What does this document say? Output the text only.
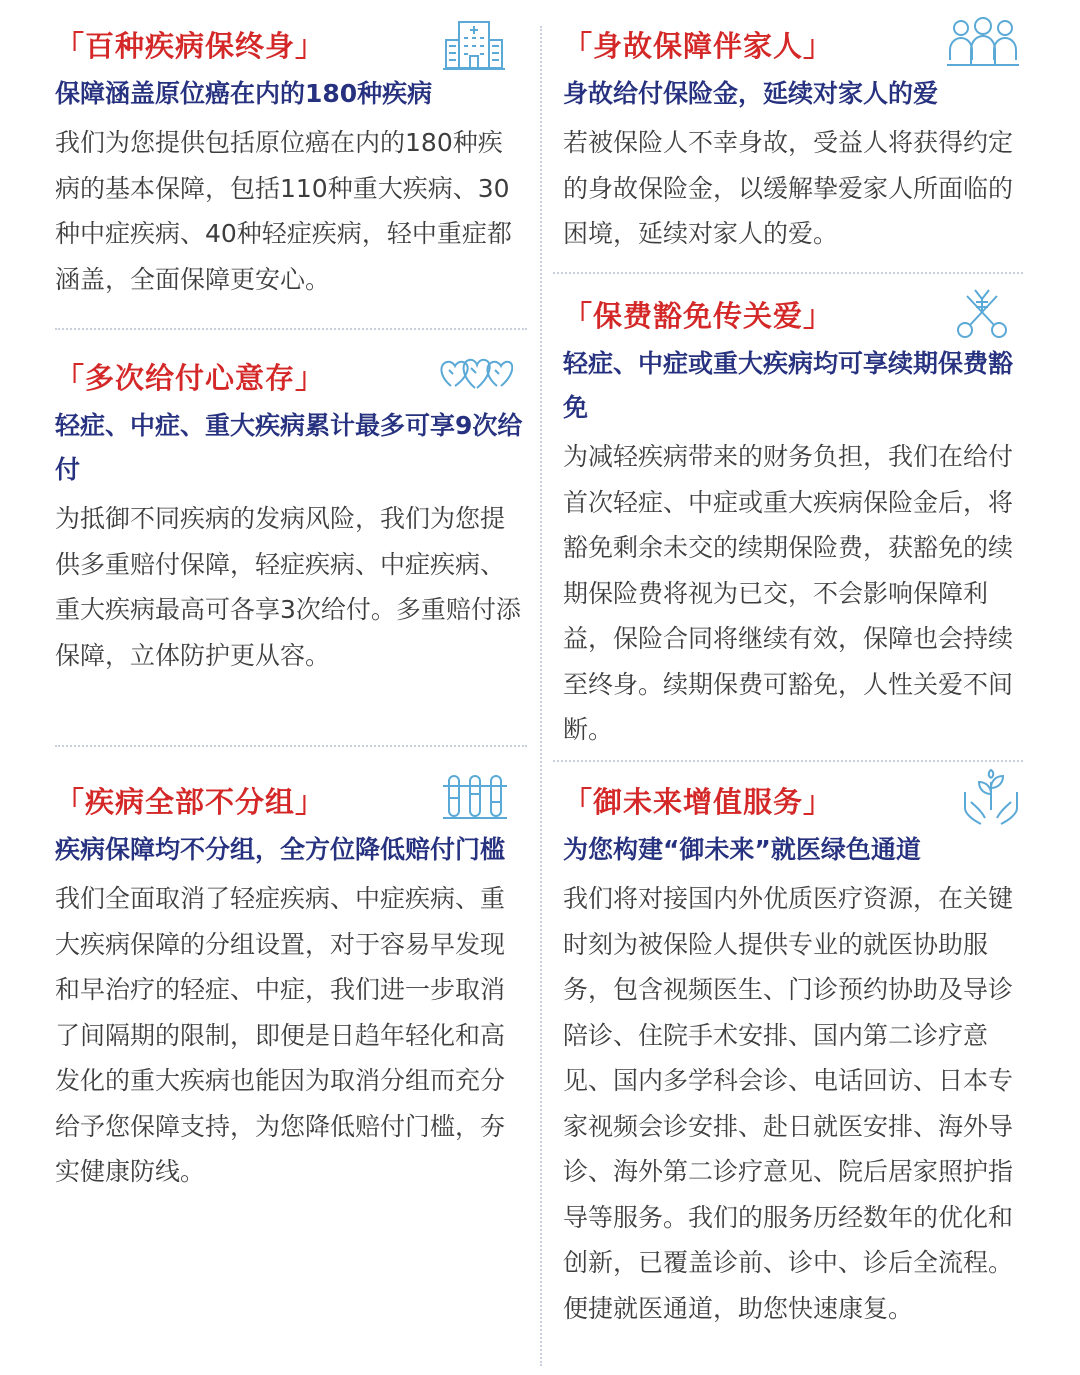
「百种疾病保终身」
保障涵盖原位癌在内的180种疾病
我们为您提供包括原位癌在内的180种疾病的基本保障，包括110种重大疾病、30种中症疾病、40种轻症疾病，轻中重症都涵盖，全面保障更安心。
「多次给付心意存」
轻症、中症、重大疾病累计最多可享9次给付
为抵御不同疾病的发病风险，我们为您提供多重赔付保障，轻症疾病、中症疾病、重大疾病最高可各享3次给付。多重赔付添保障，立体防护更从容。
「疾病全部不分组」
疾病保障均不分组，全方位降低赔付门槛
我们全面取消了轻症疾病、中症疾病、重大疾病保障的分组设置，对于容易早发现和早治疗的轻症、中症，我们进一步取消了间隔期的限制，即便是日趋年轻化和高发化的重大疾病也能因为取消分组而充分给予您保障支持，为您降低赔付门槛，夯实健康防线。
「身故保障伴家人」
身故给付保险金，延续对家人的爱
若被保险人不幸身故，受益人将获得约定的身故保险金，以缓解挚爱家人所面临的困境，延续对家人的爱。
「保费豁免传关爱」
轻症、中症或重大疾病均可享续期保费豁免
为减轻疾病带来的财务负担，我们在给付首次轻症、中症或重大疾病保险金后，将豁免剩余未交的续期保险费，获豁免的续期保险费将视为已交，不会影响保障利益，保险合同将继续有效，保障也会持续至终身。续期保费可豁免，人性关爱不间断。
「御未来增值服务」
为您构建“御未来”就医绿色通道
我们将对接国内外优质医疗资源，在关键时刻为被保险人提供专业的就医协助服务，包含视频医生、门诊预约协助及导诊陪诊、住院手术安排、国内第二诊疗意见、国内多学科会诊、电话回访、日本专家视频会诊安排、赴日就医安排、海外导诊、海外第二诊疗意见、院后居家照护指导等服务。我们的服务历经数年的优化和创新，已覆盖诊前、诊中、诊后全流程。便捷就医通道，助您快速康复。
